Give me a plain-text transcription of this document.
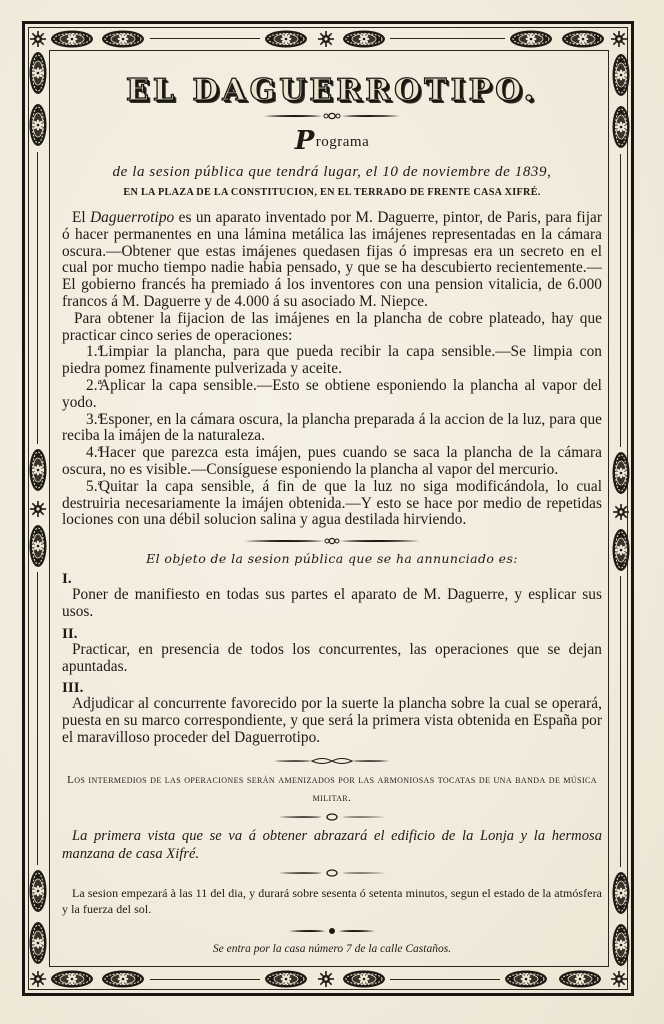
EL DAGUERROTIPO.
Programa
de la sesion pública que tendrá lugar, el 10 de noviembre de 1839,
EN LA PLAZA DE LA CONSTITUCION, EN EL TERRADO DE FRENTE CASA XIFRÉ.

El Daguerrotipo es un aparato inventado por M. Daguerre, pintor, de Paris, para fijar ó hacer permanentes en una lámina metálica las imájenes representadas en la cámara oscura.—Obtener que estas imájenes quedasen fijas ó impresas era un secreto en el cual por mucho tiempo nadie habia pensado, y que se ha descubierto recientemente.—El gobierno francés ha premiado á los inventores con una pension vitalicia, de 6.000 francos á M. Daguerre y de 4.000 á su asociado M. Niepce.

Para obtener la fijacion de las imájenes en la plancha de cobre plateado, hay que practicar cinco series de operaciones:

1.ªLimpiar la plancha, para que pueda recibir la capa sensible.—Se limpia con piedra pomez finamente pulverizada y aceite.

2.ªAplicar la capa sensible.—Esto se obtiene esponiendo la plancha al vapor del yodo.

3.ªEsponer, en la cámara oscura, la plancha preparada á la accion de la luz, para que reciba la imájen de la naturaleza.

4.ªHacer que parezca esta imájen, pues cuando se saca la plancha de la cámara oscura, no es visible.—Consíguese esponiendo la plancha al vapor del mercurio.

5.ªQuitar la capa sensible, á fin de que la luz no siga modificándola, lo cual destruiria necesariamente la imájen obtenida.—Y esto se hace por medio de repetidas lociones con una débil solucion salina y agua destilada hirviendo.

El objeto de la sesion pública que se ha annunciado es:
I.

Poner de manifiesto en todas sus partes el aparato de M. Daguerre, y esplicar sus usos.

II.

Practicar, en presencia de todos los concurrentes, las operaciones que se dejan apuntadas.

III.

Adjudicar al concurrente favorecido por la suerte la plancha sobre la cual se operará, puesta en su marco correspondiente, y que será la primera vista obtenida en España por el maravilloso proceder del Daguerrotipo.

Los intermedios de las operaciones serán amenizados por las armoniosas tocatas de una banda de música militar.

La primera vista que se va á obtener abrazará el edificio de la Lonja y la hermosa manzana de casa Xifré.

La sesion empezará à las 11 del dia, y durará sobre sesenta ó setenta minutos, segun el estado de la atmósfera y la fuerza del sol.

Se entra por la casa número 7 de la calle Castaños.
